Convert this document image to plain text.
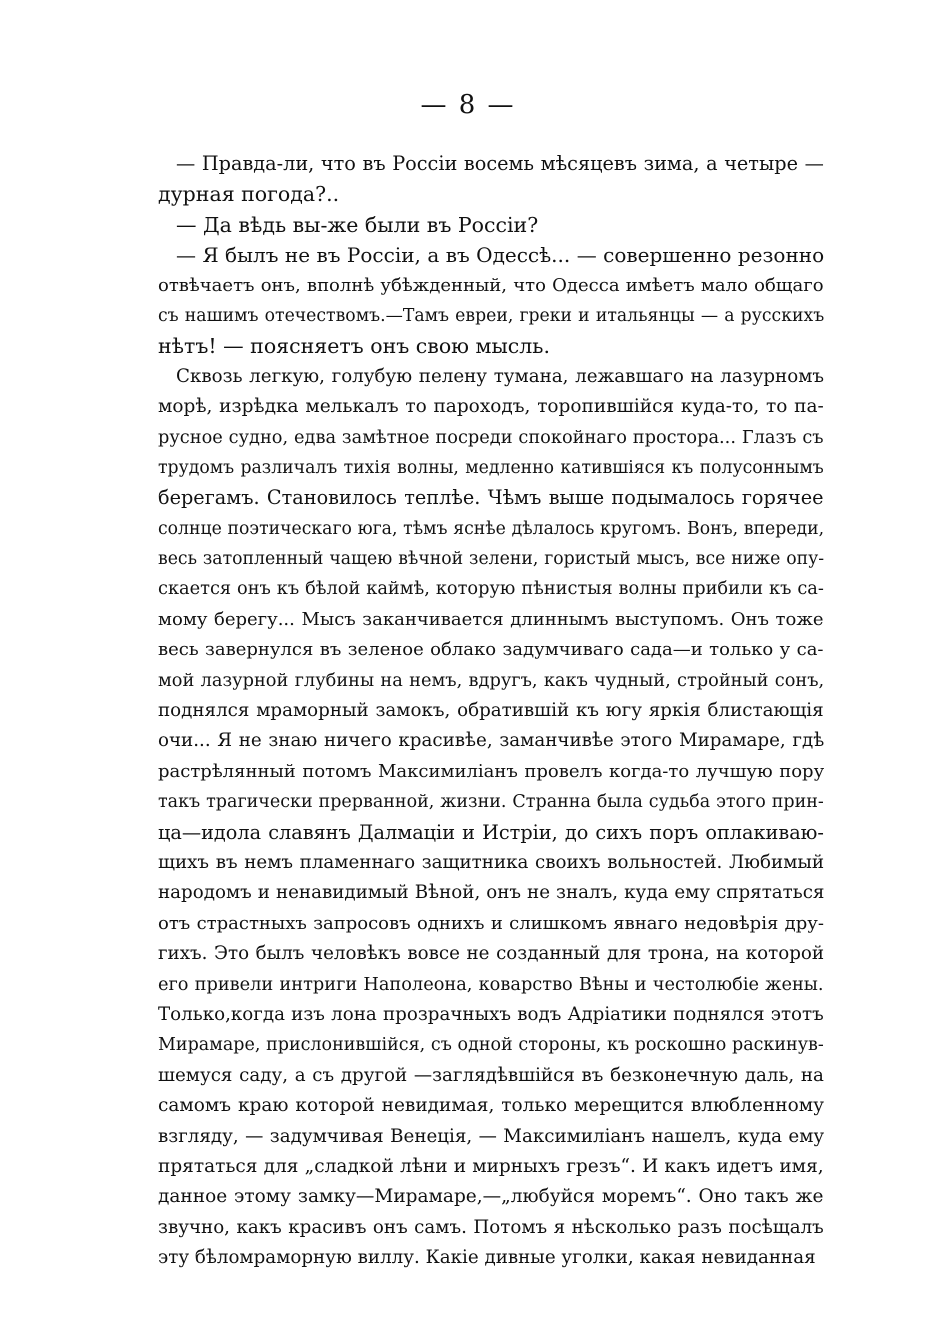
— 8 —
— Правда-ли, что въ Россіи восемь мѣсяцевъ зима, а четыре —
дурная погода?..
— Да вѣдь вы-же были въ Россіи?
— Я былъ не въ Россіи, а въ Одессѣ... — совершенно резонно
отвѣчаетъ онъ, вполнѣ убѣжденный, что Одесса имѣетъ мало общаго
съ нашимъ отечествомъ.—Тамъ евреи, греки и итальянцы — а русскихъ
нѣтъ! — поясняетъ онъ свою мысль.
Сквозь легкую, голубую пелену тумана, лежавшаго на лазурномъ
морѣ, изрѣдка мелькалъ то пароходъ, торопившійся куда-то, то па-
русное судно, едва замѣтное посреди спокойнаго простора... Глазъ съ
трудомъ различалъ тихія волны, медленно катившіяся къ полусоннымъ
берегамъ. Становилось теплѣе. Чѣмъ выше подымалось горячее
солнце поэтическаго юга, тѣмъ яснѣе дѣлалось кругомъ. Вонъ, впереди,
весь затопленный чащею вѣчной зелени, гористый мысъ, все ниже опу-
скается онъ къ бѣлой каймѣ, которую пѣнистыя волны прибили къ са-
мому берегу... Мысъ заканчивается длиннымъ выступомъ. Онъ тоже
весь завернулся въ зеленое облако задумчиваго сада—и только у са-
мой лазурной глубины на немъ, вдругъ, какъ чудный, стройный сонъ,
поднялся мраморный замокъ, обратившій къ югу яркія блистающія
очи... Я не знаю ничего красивѣе, заманчивѣе этого Мирамаре, гдѣ
растрѣлянный потомъ Максимиліанъ провелъ когда-то лучшую пору
такъ трагически прерванной, жизни. Странна была судьба этого прин-
ца—идола славянъ Далмаціи и Истріи, до сихъ поръ оплакиваю-
щихъ въ немъ пламеннаго защитника своихъ вольностей. Любимый
народомъ и ненавидимый Вѣной, онъ не зналъ, куда ему спрятаться
отъ страстныхъ запросовъ однихъ и слишкомъ явнаго недовѣрія дру-
гихъ. Это былъ человѣкъ вовсе не созданный для трона, на которой
его привели интриги Наполеона, коварство Вѣны и честолюбіе жены.
Только,когда изъ лона прозрачныхъ водъ Адріатики поднялся этотъ
Мирамаре, прислонившійся, съ одной стороны, къ роскошно раскинув-
шемуся саду, а съ другой —заглядѣвшійся въ безконечную даль, на
самомъ краю которой невидимая, только мерещится влюбленному
взгляду, — задумчивая Венеція, — Максимиліанъ нашелъ, куда ему
прятаться для „сладкой лѣни и мирныхъ грезъ“. И какъ идетъ имя,
данное этому замку—Мирамаре,—„любуйся моремъ“. Оно такъ же
звучно, какъ красивъ онъ самъ. Потомъ я нѣсколько разъ посѣщалъ
эту бѣломраморную виллу. Какіе дивные уголки, какая невиданная
